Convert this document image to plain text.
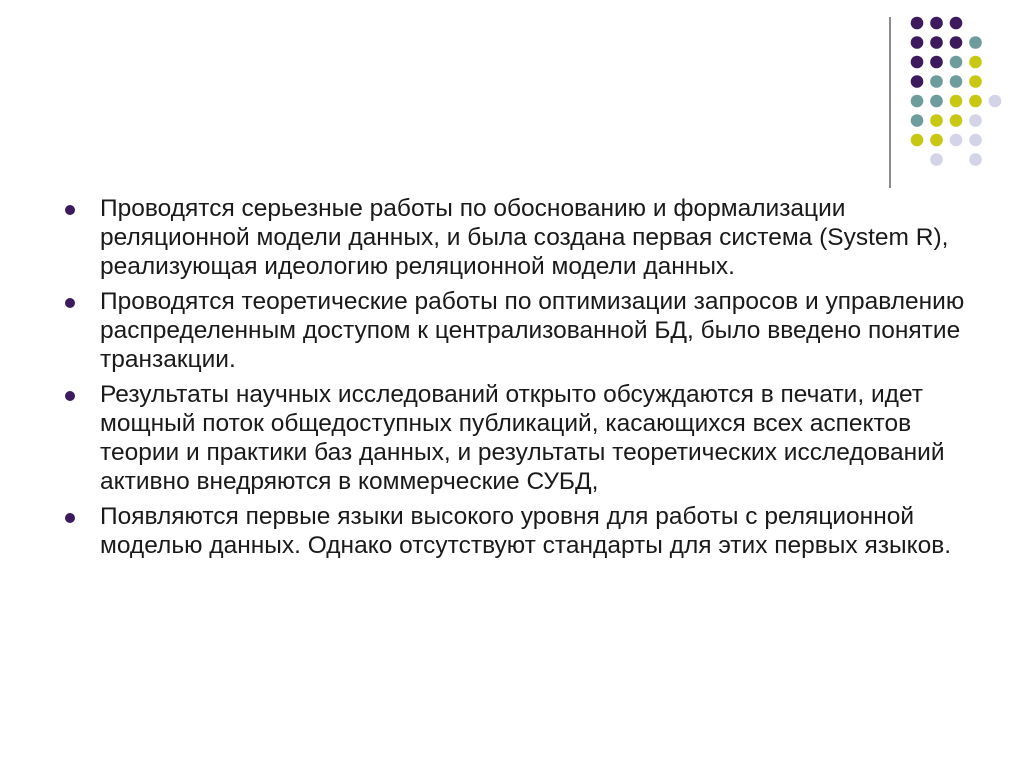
Проводятся серьезные работы по обоснованию и формализации реляционной модели данных, и была создана первая система (System R), реализующая идеологию реляционной модели данных.
Проводятся теоретические работы по оптимизации запросов и управлению распределенным доступом к централизованной БД, было введено понятие транзакции.
Результаты научных исследований открыто обсуждаются в печати, идет мощный поток общедоступных публикаций, касающихся всех аспектов теории и практики баз данных, и результаты теоретических исследований активно внедряются в коммерческие СУБД,
Появляются первые языки высокого уровня для работы с реляционной моделью данных. Однако отсутствуют стандарты для этих первых языков.
